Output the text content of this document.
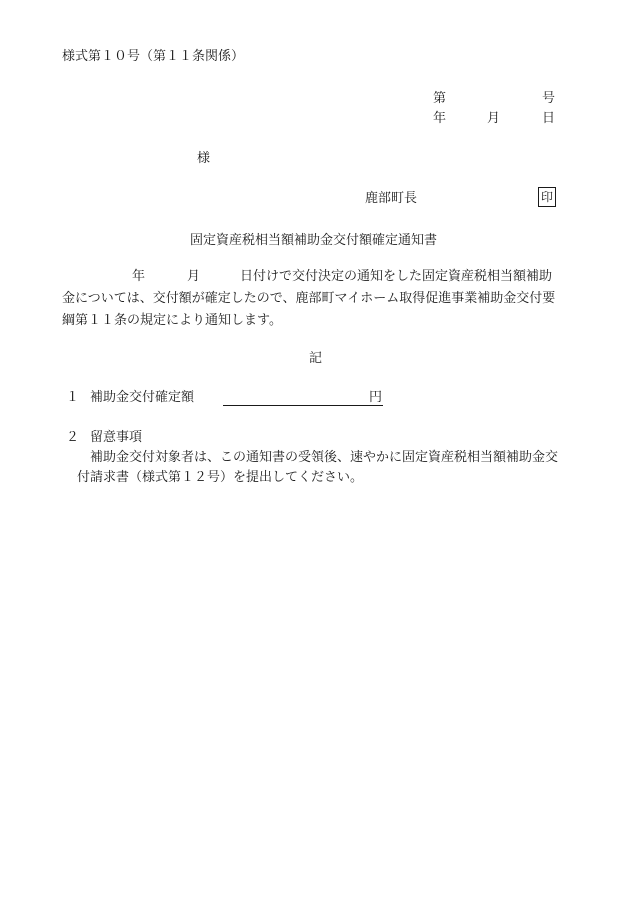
様式第１０号（第１１条関係）
第	号
年	月	日
様
鹿部町長	印
固定資産税相当額補助金交付額確定通知書
年	月	日付けで交付決定の通知をした固定資産税相当額補助
金については、交付額が確定したので、鹿部町マイホーム取得促進事業補助金交付要
綱第１１条の規定により通知します。
記
１ 補助金交付確定額	円
２ 留意事項
補助金交付対象者は、この通知書の受領後、速やかに固定資産税相当額補助金交
付請求書（様式第１２号）を提出してください。
